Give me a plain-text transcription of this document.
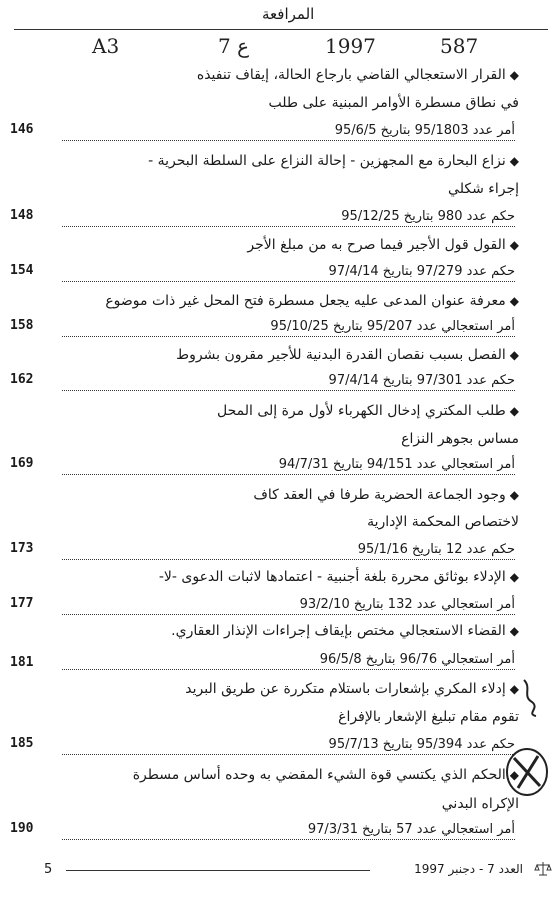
المرافعة
A3	7 ع	1997	587
◆القرار الاستعجالي القاضي بارجاع الحالة، إيقاف تنفيذه
في نطاق مسطرة الأوامر المبنية على طلب
أمر عدد 95/1803 بتاريخ 95/6/5
146
◆نزاع البحارة مع المجهزين - إحالة النزاع على السلطة البحرية -
إجراء شكلي
حكم عدد 980 بتاريخ 95/12/25
148
◆القول قول الأجير فيما صرح به من مبلغ الأجر
حكم عدد 97/279 بتاريخ 97/4/14
154
◆معرفة عنوان المدعى عليه يجعل مسطرة فتح المحل غير ذات موضوع
أمر استعجالي عدد 95/207 بتاريخ 95/10/25
158
◆الفصل بسبب نقصان القدرة البدنية للأجير مقرون بشروط
حكم عدد 97/301 بتاريخ 97/4/14
162
◆طلب المكتري إدخال الكهرباء لأول مرة إلى المحل
مساس بجوهر النزاع
أمر استعجالي عدد 94/151 بتاريخ 94/7/31
169
◆وجود الجماعة الحضرية طرفا في العقد كاف
لاختصاص المحكمة الإدارية
حكم عدد 12 بتاريخ 95/1/16
173
◆الإدلاء بوثائق محررة بلغة أجنبية - اعتمادها لاثبات الدعوى -لا-
أمر استعجالي عدد 132 بتاريخ 93/2/10
177
◆القضاء الاستعجالي مختص بإيقاف إجراءات الإنذار العقاري.
أمر استعجالي 96/76 بتاريخ 96/5/8
181
◆إدلاء المكري بإشعارات باستلام متكررة عن طريق البريد
تقوم مقام تبليغ الإشعار بالإفراغ
حكم عدد 95/394 بتاريخ 95/7/13
185
◆الحكم الذي يكتسي قوة الشيء المقضي به وحده أساس مسطرة
الإكراه البدني
أمر استعجالي عدد 57 بتاريخ 97/3/31
190
5	العدد 7 - دجنبر 1997
